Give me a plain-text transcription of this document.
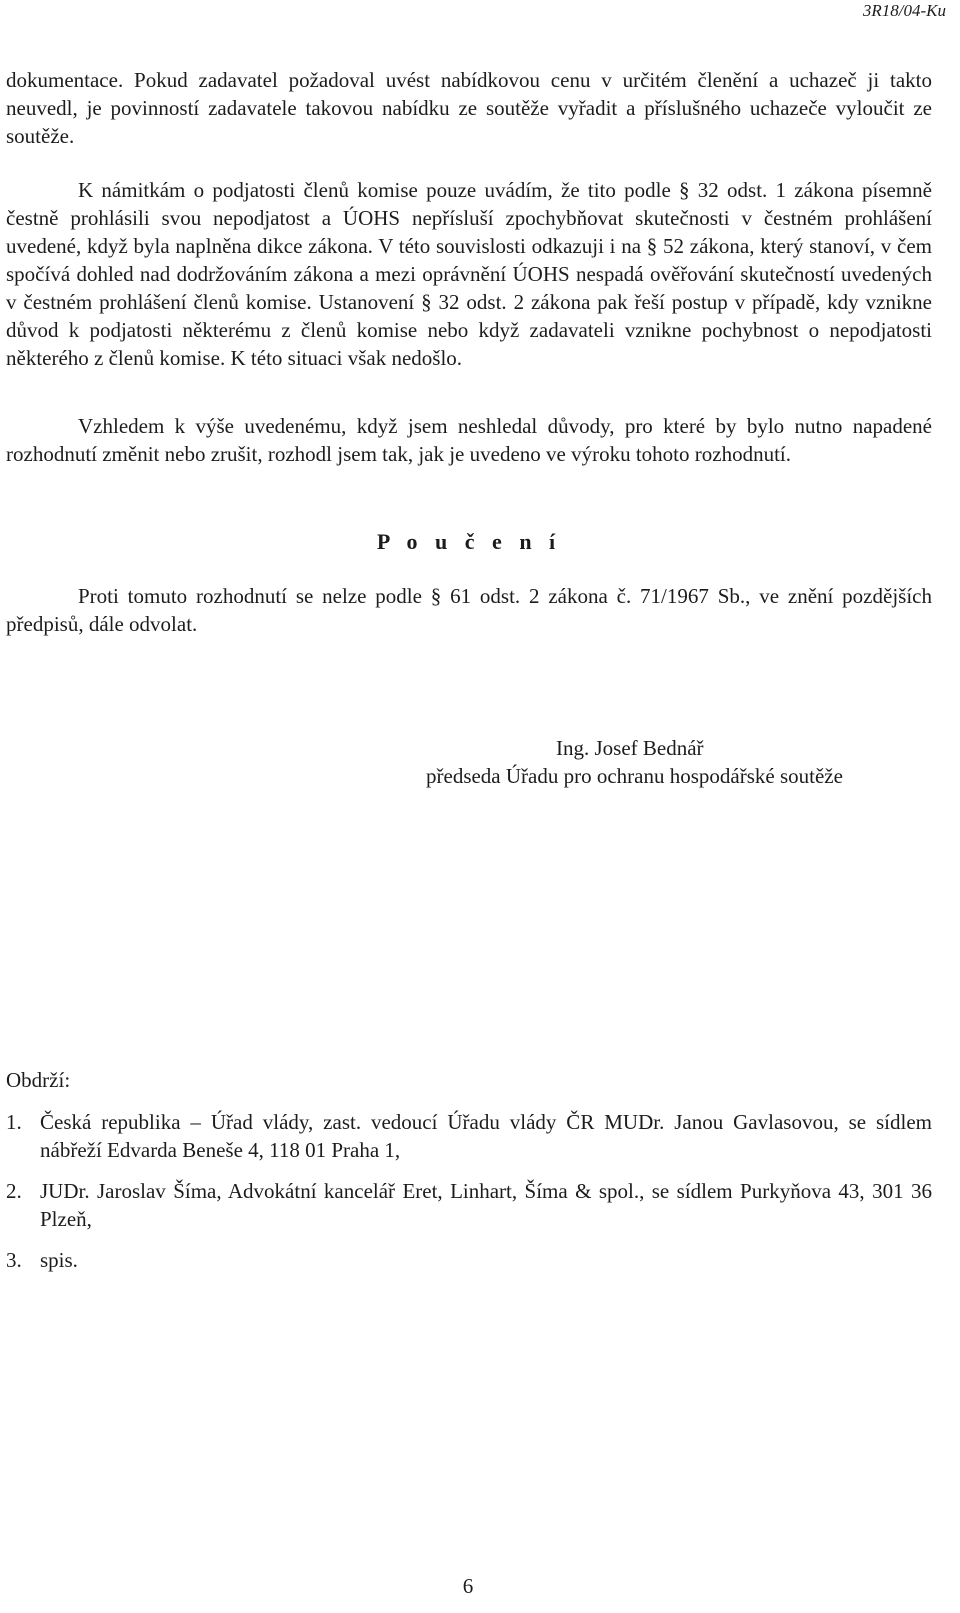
3R18/04-Ku

dokumentace. Pokud zadavatel požadoval uvést nabídkovou cenu v určitém členění a uchazeč ji takto neuvedl, je povinností zadavatele takovou nabídku ze soutěže vyřadit a příslušného uchazeče vyloučit ze soutěže.

K námitkám o podjatosti členů komise pouze uvádím, že tito podle § 32 odst. 1 zákona písemně čestně prohlásili svou nepodjatost a ÚOHS nepřísluší zpochybňovat skutečnosti v čestném prohlášení uvedené, když byla naplněna dikce zákona. V této souvislosti odkazuji i na § 52 zákona, který stanoví, v čem spočívá dohled nad dodržováním zákona a mezi oprávnění ÚOHS nespadá ověřování skutečností uvedených v čestném prohlášení členů komise. Ustanovení § 32 odst. 2 zákona pak řeší postup v případě, kdy vznikne důvod k podjatosti některému z členů komise nebo když zadavateli vznikne pochybnost o nepodjatosti některého z členů komise. K této situaci však nedošlo.

Vzhledem k výše uvedenému, když jsem neshledal důvody, pro které by bylo nutno napadené rozhodnutí změnit nebo zrušit, rozhodl jsem tak, jak je uvedeno ve výroku tohoto rozhodnutí.

P o u č e n í

Proti tomuto rozhodnutí se nelze podle § 61 odst. 2 zákona č. 71/1967 Sb., ve znění pozdějších předpisů, dále odvolat.

Ing. Josef Bednář
předseda Úřadu pro ochranu hospodářské soutěže
Obdrží:
1. Česká republika – Úřad vlády, zast. vedoucí Úřadu vlády ČR MUDr. Janou Gavlasovou, se sídlem nábřeží Edvarda Beneše 4, 118 01 Praha 1,
2. JUDr. Jaroslav Šíma, Advokátní kancelář Eret, Linhart, Šíma & spol., se sídlem Purkyňova 43, 301 36 Plzeň,
3. spis.
6
